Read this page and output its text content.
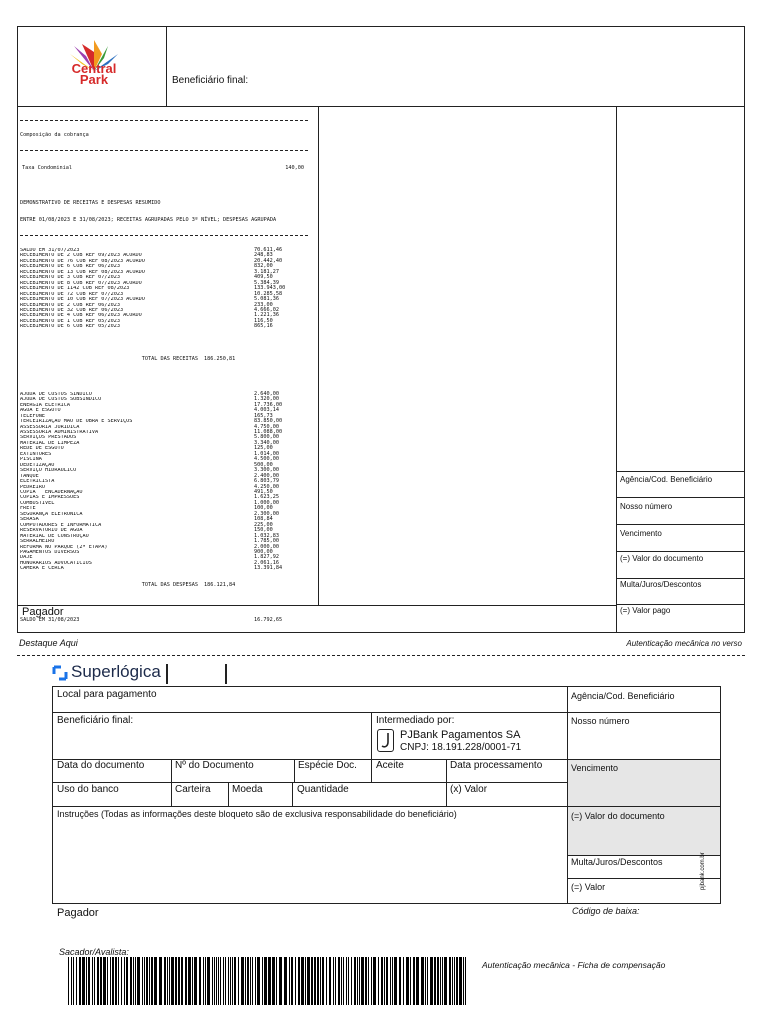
Central
Park	Beneficiário final:

Composição da cobrança

Taxa Condominial	140,00

DEMONSTRATIVO DE RECEITAS E DESPESAS RESUMIDO

ENTRE 01/08/2023 E 31/08/2023; RECEITAS AGRUPADAS PELO 3º NÍVEL; DESPESAS AGRUPADA

SALDO EM 31/07/2023	70.611,46
RECEBIMENTO DE 2 COB REF 09/2023 ACORDO	248,83
RECEBIMENTO DE 76 COB REF 08/2023 ACORDO	20.442,40
RECEBIMENTO DE 6 COB REF 06/2023	832,00
RECEBIMENTO DE 13 COB REF 08/2023 ACORDO	3.181,27
RECEBIMENTO DE 3 COB REF 07/2023	409,50
RECEBIMENTO DE 8 COB REF 07/2023 ACORDO	5.384,39
RECEBIMENTO DE 1142 COB REF 08/2023	133.943,00
RECEBIMENTO DE 72 COB REF 07/2023	10.285,58
RECEBIMENTO DE 10 COB REF 07/2023 ACORDO	5.081,36
RECEBIMENTO DE 2 COB REF 06/2023	233,00
RECEBIMENTO DE 32 COB REF 06/2023	4.666,02
RECEBIMENTO DE 4 COB REF 06/2023 ACORDO	1.221,36
RECEBIMENTO DE 1 COB REF 05/2023	116,50
RECEBIMENTO DE 6 COB REF 05/2023	865,16

TOTAL DAS RECEITAS 186.250,81

AJUDA DE CUSTOS SINDICO	2.640,00
AJUDA DE CUSTOS SUBSINDICO	1.320,00
ENERGIA ELETRICA	17.736,00
ÁGUA E ESGOTO	4.003,14
TELEFONE	165,73
TERCEIRIZAÇÃO MÃO DE OBRA E SERVIÇOS	83.850,00
ASSESSORIA JURÍDICA	4.750,00
ASSESSORIA ADMINISTRATIVA	11.088,00
SERVIÇOS PRESTADOS	5.800,00
MATERIAL DE LIMPEZA	3.340,00
REDE DE ESGOTO	125,00
EXTINTORES	1.014,00
PISCINA	4.500,00
DEDETIZAÇÃO	500,00
SERVIÇO HIDRÁULICO	3.300,00
TANQUE	2.400,00
ELETRICISTA	6.803,79
PEDREIRO	4.250,00
CÓPIA   ENCADERNAÇÃO	491,50
CÓPIAS E IMPRESSÕES	1.623,25
COMBUSTÍVEL	1.000,00
FRETE	100,00
SEGURANÇA ELETRÔNICA	2.300,00
SERASA	108,84
COMPUTADORES E INFORMÁTICA	225,00
RESERVATÓRIO DE ÁGUA	150,00
MATERIAL DE CONSTRUÇÃO	1.032,83
SERRALHEIRO	1.785,00
REFORMA NO PARQUE (2ª ETAPA)	2.000,00
PAGAMENTOS DIVERSOS	900,00
DAJE	1.827,92
HONORÁRIOS ADVOCATÍCIOS	2.061,16
CÂMERA E CERCA	13.391,84

TOTAL DAS DESPESAS 186.121,84

SALDO EM 31/08/2023	16.792,65

Agência/Cod. Beneficiário
Nosso número
Vencimento
(=) Valor do documento
Multa/Juros/Descontos
(=) Valor pago
Pagador
Destaque Aqui	Autenticação mecânica no verso
Superlógica
Local para pagamento	Agência/Cod. Beneficiário
Beneficiário final:	Intermediado por:
PJBank Pagamentos SA
CNPJ: 18.191.228/0001-71
Nosso número
Data do documento	Nº do Documento	Espécie Doc. Aceite	Data processamento	Vencimento
Uso do banco	Carteira Moeda	Quantidade	(x) Valor
Instruções (Todas as informações deste bloqueto são de exclusiva responsabilidade do beneficiário)	(=) Valor do documento
Multa/Juros/Descontos
(=) Valor	pjbank.com.br
Pagador	Código de baixa:
Sacador/Avalista:
Autenticação mecânica - Ficha de compensação
